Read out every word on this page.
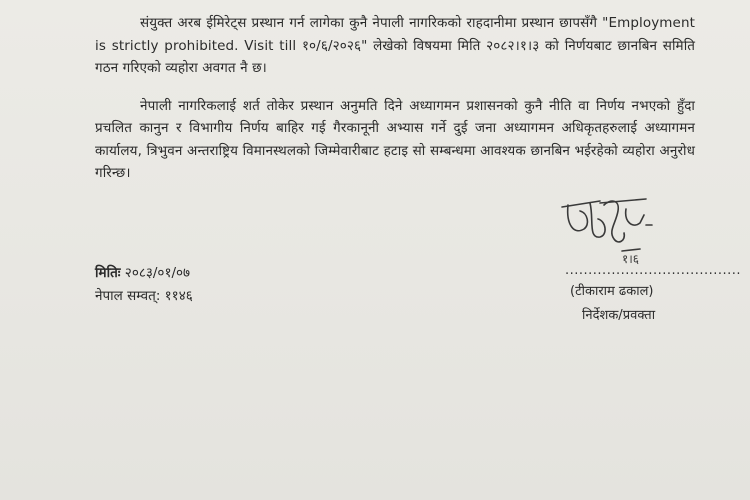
संयुक्त अरब ईमिरेट्स प्रस्थान गर्न लागेका कुनै नेपाली नागरिकको राहदानीमा प्रस्थान छापसँगै "Employment is strictly prohibited. Visit till १०/६/२०२६" लेखेको विषयमा मिति २०८२।१।३ को निर्णयबाट छानबिन समिति गठन गरिएको व्यहोरा अवगत नै छ।

नेपाली नागरिकलाई शर्त तोकेर प्रस्थान अनुमति दिने अध्यागमन प्रशासनको कुनै नीति वा निर्णय नभएको हुँदा प्रचलित कानुन र विभागीय निर्णय बाहिर गई गैरकानूनी अभ्यास गर्ने दुई जना अध्यागमन अधिकृतहरुलाई अध्यागमन कार्यालय, त्रिभुवन अन्तराष्ट्रिय विमानस्थलको जिम्मेवारीबाट हटाइ सो सम्बन्धमा आवश्यक छानबिन भईरहेको व्यहोरा अनुरोध गरिन्छ।

मितिः २०८३/०१/०७
नेपाल सम्वत्: ११४६
१।६
......................................
(टीकाराम ढकाल)
निर्देशक/प्रवक्ता
